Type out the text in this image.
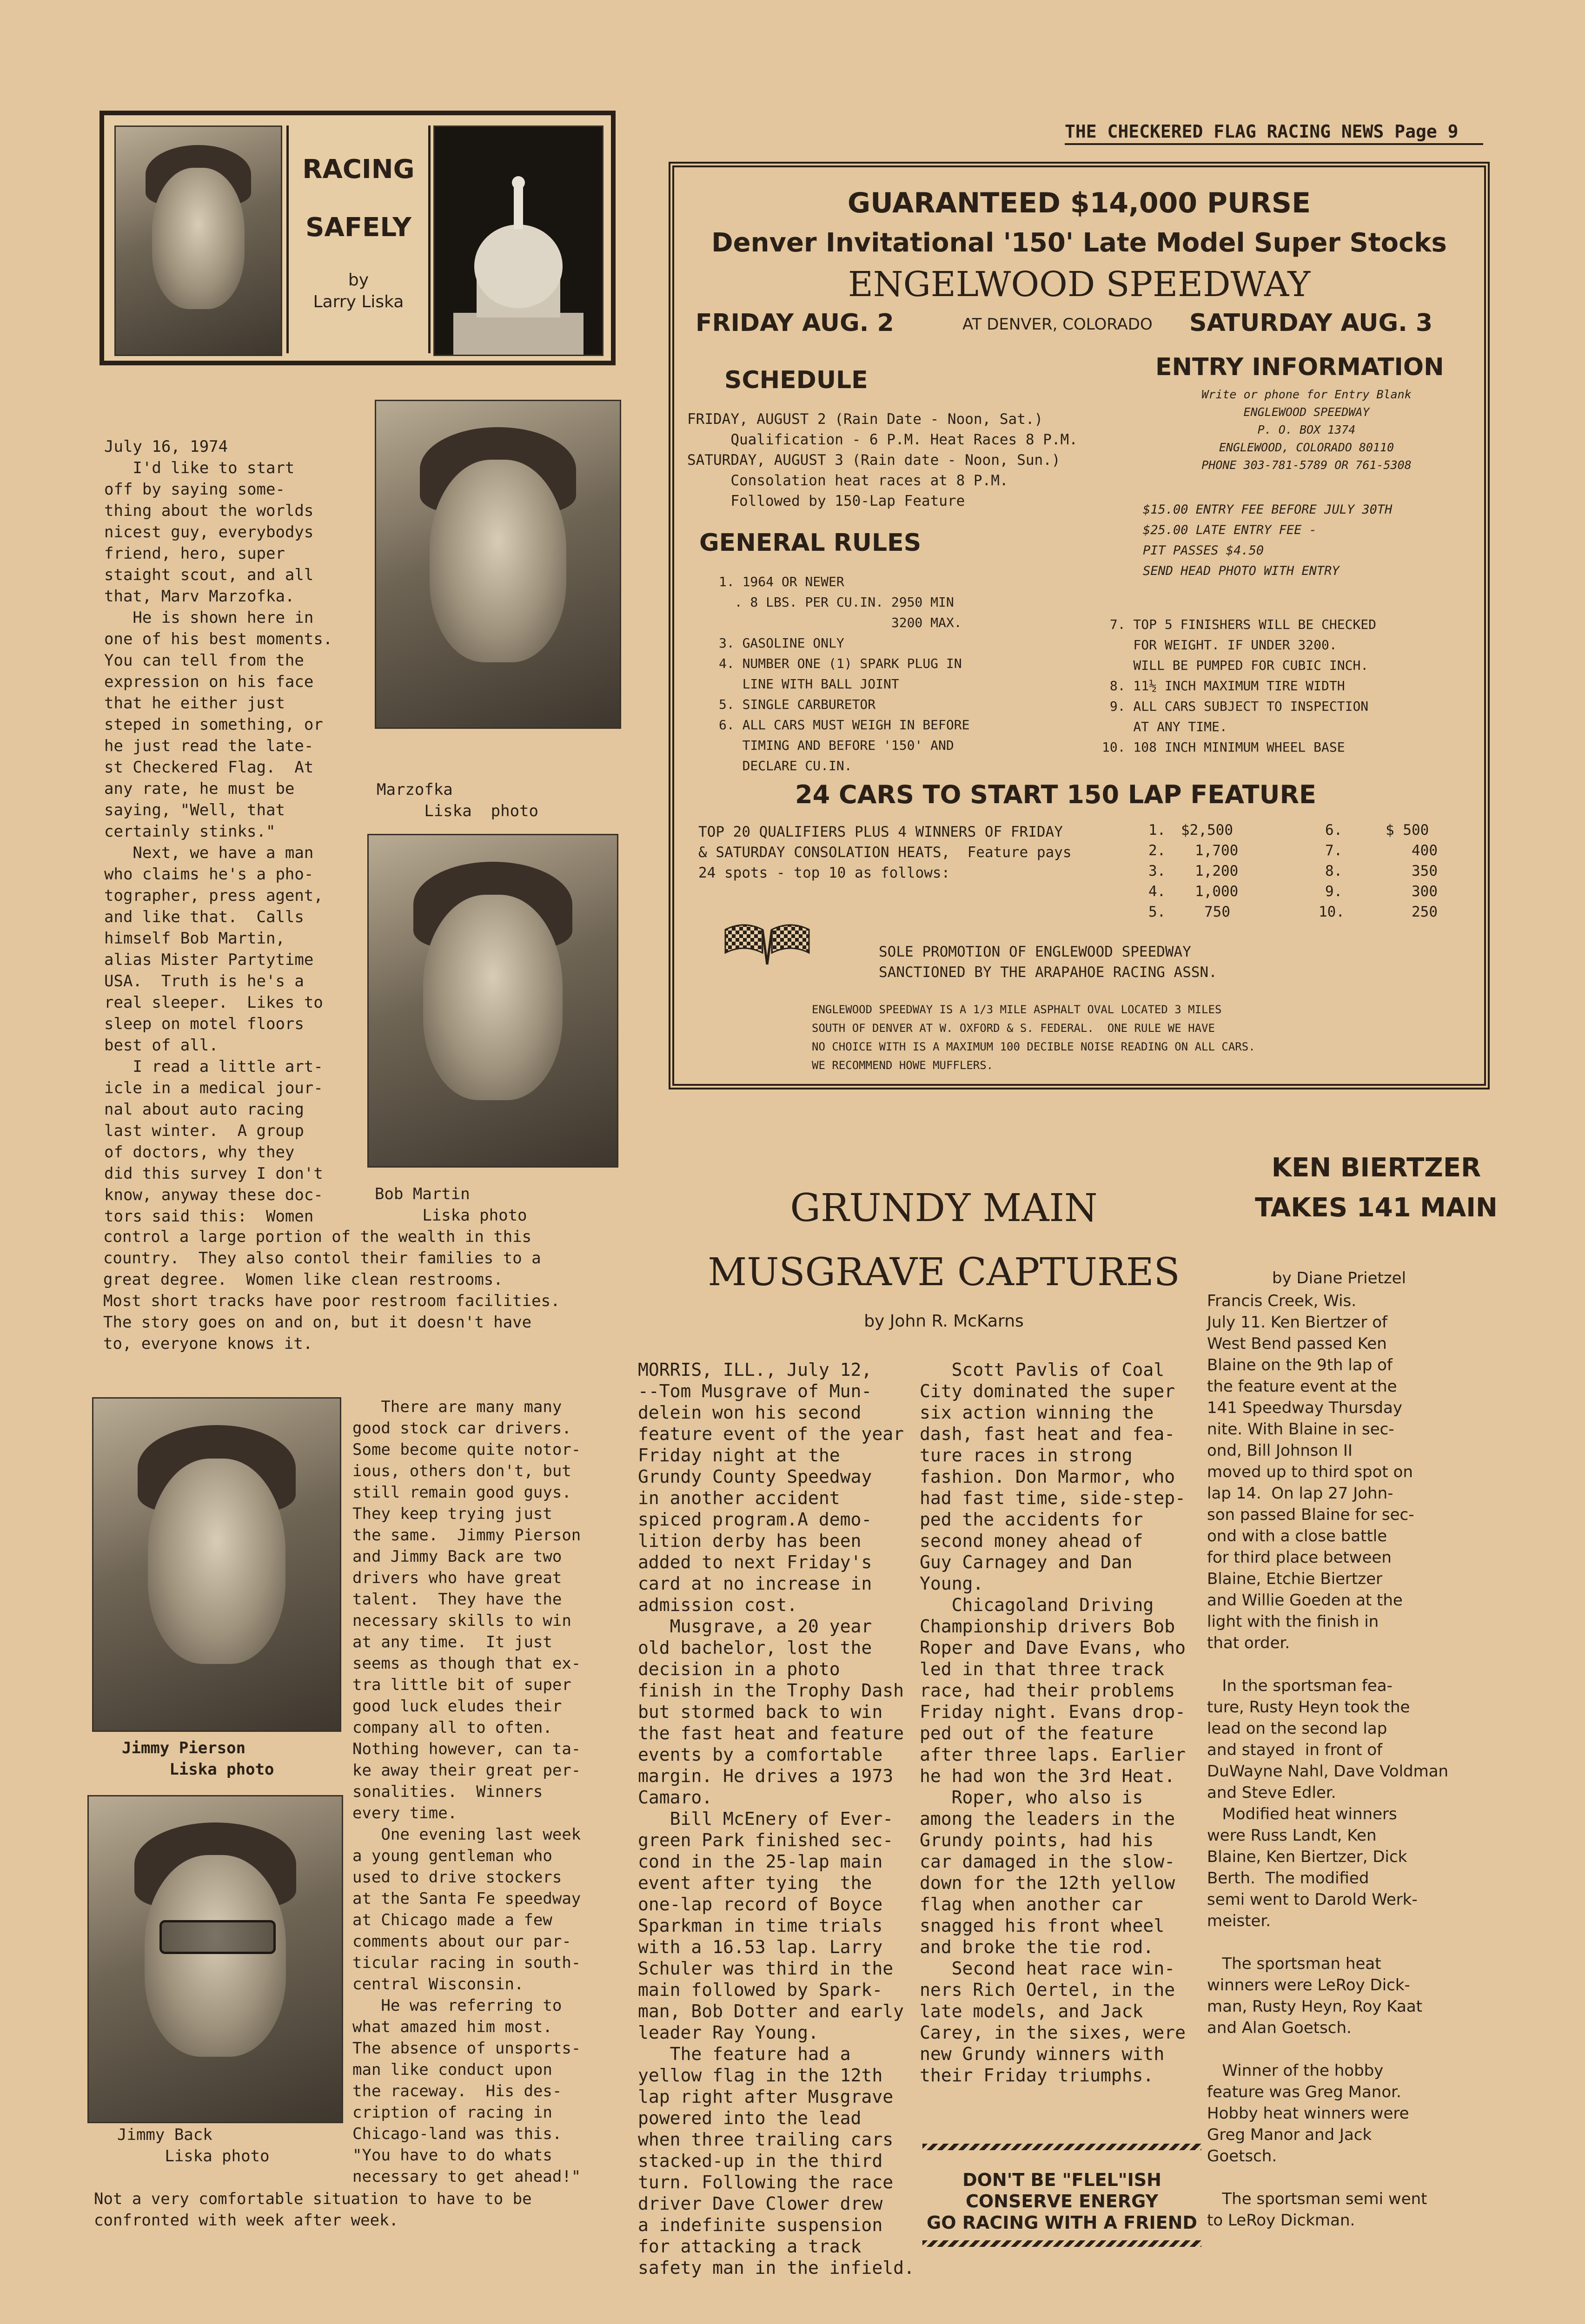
THE CHECKERED FLAG RACING NEWS Page 9
RACING
SAFELY
by
Larry Liska
GUARANTEED $14,000 PURSE
Denver Invitational '150' Late Model Super Stocks
ENGELWOOD SPEEDWAY
FRIDAY AUG. 2	AT DENVER, COLORADO SATURDAY AUG. 3
SCHEDULE
FRIDAY, AUGUST 2 (Rain Date - Noon, Sat.)
Qualification - 6 P.M. Heat Races 8 P.M.
SATURDAY, AUGUST 3 (Rain date - Noon, Sun.)
Consolation heat races at 8 P.M.
Followed by 150-Lap Feature
ENTRY INFORMATION
Write or phone for Entry Blank
ENGLEWOOD SPEEDWAY
P. O. BOX 1374
ENGLEWOOD, COLORADO 80110
PHONE 303-781-5789 OR 761-5308
$15.00 ENTRY FEE BEFORE JULY 30TH
$25.00 LATE ENTRY FEE -
PIT PASSES $4.50
SEND HEAD PHOTO WITH ENTRY
GENERAL RULES
1. 1964 OR NEWER
. 8 LBS. PER CU.IN. 2950 MIN
3200 MAX.
3. GASOLINE ONLY
4. NUMBER ONE (1) SPARK PLUG IN
LINE WITH BALL JOINT
5. SINGLE CARBURETOR
6. ALL CARS MUST WEIGH IN BEFORE
TIMING AND BEFORE '150' AND
DECLARE CU.IN.
7. TOP 5 FINISHERS WILL BE CHECKED
FOR WEIGHT. IF UNDER 3200.
WILL BE PUMPED FOR CUBIC INCH.
8. 11½ INCH MAXIMUM TIRE WIDTH
9. ALL CARS SUBJECT TO INSPECTION
AT ANY TIME.
10. 108 INCH MINIMUM WHEEL BASE
24 CARS TO START 150 LAP FEATURE
TOP 20 QUALIFIERS PLUS 4 WINNERS OF FRIDAY
& SATURDAY CONSOLATION HEATS,  Feature pays
24 spots - top 10 as follows:
1. $2,500
2. 1,700
3. 1,200
4. 1,000
5.	750
6.	$ 500
7.	400
8.	350
9.	300
10.	250
SOLE PROMOTION OF ENGLEWOOD SPEEDWAY
SANCTIONED BY THE ARAPAHOE RACING ASSN.
ENGLEWOOD SPEEDWAY IS A 1/3 MILE ASPHALT OVAL LOCATED 3 MILES
SOUTH OF DENVER AT W. OXFORD & S. FEDERAL.  ONE RULE WE HAVE
NO CHOICE WITH IS A MAXIMUM 100 DECIBLE NOISE READING ON ALL CARS.
WE RECOMMEND HOWE MUFFLERS.
July 16, 1974
I'd like to start
off by saying some-
thing about the worlds
nicest guy, everybodys
friend, hero, super
staight scout, and all
that, Marv Marzofka.
He is shown here in
one of his best moments.
You can tell from the
expression on his face
that he either just
steped in something, or
he just read the late-
st Checkered Flag.  At
any rate, he must be
saying, "Well, that
certainly stinks."
Next, we have a man
who claims he's a pho-
tographer, press agent,
and like that.  Calls
himself Bob Martin,
alias Mister Partytime
USA.  Truth is he's a
real sleeper.  Likes to
sleep on motel floors
best of all.
I read a little art-
icle in a medical jour-
nal about auto racing
last winter.  A group
of doctors, why they
did this survey I don't
know, anyway these doc-
tors said this:  Women
Marzofka
Liska  photo
Bob Martin
Liska photo
control a large portion of the wealth in this
country.  They also contol their families to a
great degree.  Women like clean restrooms.
Most short tracks have poor restroom facilities.
The story goes on and on, but it doesn't have
to, everyone knows it.
Jimmy Pierson
Liska photo
Jimmy Back
Liska photo
There are many many
good stock car drivers.
Some become quite notor-
ious, others don't, but
still remain good guys.
They keep trying just
the same.  Jimmy Pierson
and Jimmy Back are two
drivers who have great
talent.  They have the
necessary skills to win
at any time.  It just
seems as though that ex-
tra little bit of super
good luck eludes their
company all to often.
Nothing however, can ta-
ke away their great per-
sonalities.  Winners
every time.
One evening last week
a young gentleman who
used to drive stockers
at the Santa Fe speedway
at Chicago made a few
comments about our par-
ticular racing in south-
central Wisconsin.
He was referring to
what amazed him most.
The absence of unsports-
man like conduct upon
the raceway.  His des-
cription of racing in
Chicago-land was this.
"You have to do whats
necessary to get ahead!"
Not a very comfortable situation to have to be
confronted with week after week.
GRUNDY MAIN
MUSGRAVE CAPTURES
by John R. McKarns
MORRIS, ILL., July 12,
--Tom Musgrave of Mun-
delein won his second
feature event of the year
Friday night at the
Grundy County Speedway
in another accident
spiced program.A demo-
lition derby has been
added to next Friday's
card at no increase in
admission cost.
Musgrave, a 20 year
old bachelor, lost the
decision in a photo
finish in the Trophy Dash
but stormed back to win
the fast heat and feature
events by a comfortable
margin. He drives a 1973
Camaro.
Bill McEnery of Ever-
green Park finished sec-
cond in the 25-lap main
event after tying  the
one-lap record of Boyce
Sparkman in time trials
with a 16.53 lap. Larry
Schuler was third in the
main followed by Spark-
man, Bob Dotter and early
leader Ray Young.
The feature had a
yellow flag in the 12th
lap right after Musgrave
powered into the lead
when three trailing cars
stacked-up in the third
turn. Following the race
driver Dave Clower drew
a indefinite suspension
for attacking a track
safety man in the infield.
Scott Pavlis of Coal
City dominated the super
six action winning the
dash, fast heat and fea-
ture races in strong
fashion. Don Marmor, who
had fast time, side-step-
ped the accidents for
second money ahead of
Guy Carnagey and Dan
Young.
Chicagoland Driving
Championship drivers Bob
Roper and Dave Evans, who
led in that three track
race, had their problems
Friday night. Evans drop-
ped out of the feature
after three laps. Earlier
he had won the 3rd Heat.
Roper, who also is
among the leaders in the
Grundy points, had his
car damaged in the slow-
down for the 12th yellow
flag when another car
snagged his front wheel
and broke the tie rod.
Second heat race win-
ners Rich Oertel, in the
late models, and Jack
Carey, in the sixes, were
new Grundy winners with
their Friday triumphs.
DON'T BE "FLEL"ISH
CONSERVE ENERGY
GO RACING WITH A FRIEND
KEN BIERTZER
TAKES 141 MAIN
by Diane Prietzel
Francis Creek, Wis.
July 11. Ken Biertzer of
West Bend passed Ken
Blaine on the 9th lap of
the feature event at the
141 Speedway Thursday
nite. With Blaine in sec-
ond, Bill Johnson II
moved up to third spot on
lap 14.  On lap 27 John-
son passed Blaine for sec-
ond with a close battle
for third place between
Blaine, Etchie Biertzer
and Willie Goeden at the
light with the finish in
that order.

In the sportsman fea-
ture, Rusty Heyn took the
lead on the second lap
and stayed  in front of
DuWayne Nahl, Dave Voldman
and Steve Edler.
Modified heat winners
were Russ Landt, Ken
Blaine, Ken Biertzer, Dick
Berth.  The modified
semi went to Darold Werk-
meister.

The sportsman heat
winners were LeRoy Dick-
man, Rusty Heyn, Roy Kaat
and Alan Goetsch.

Winner of the hobby
feature was Greg Manor.
Hobby heat winners were
Greg Manor and Jack
Goetsch.

The sportsman semi went
to LeRoy Dickman.
